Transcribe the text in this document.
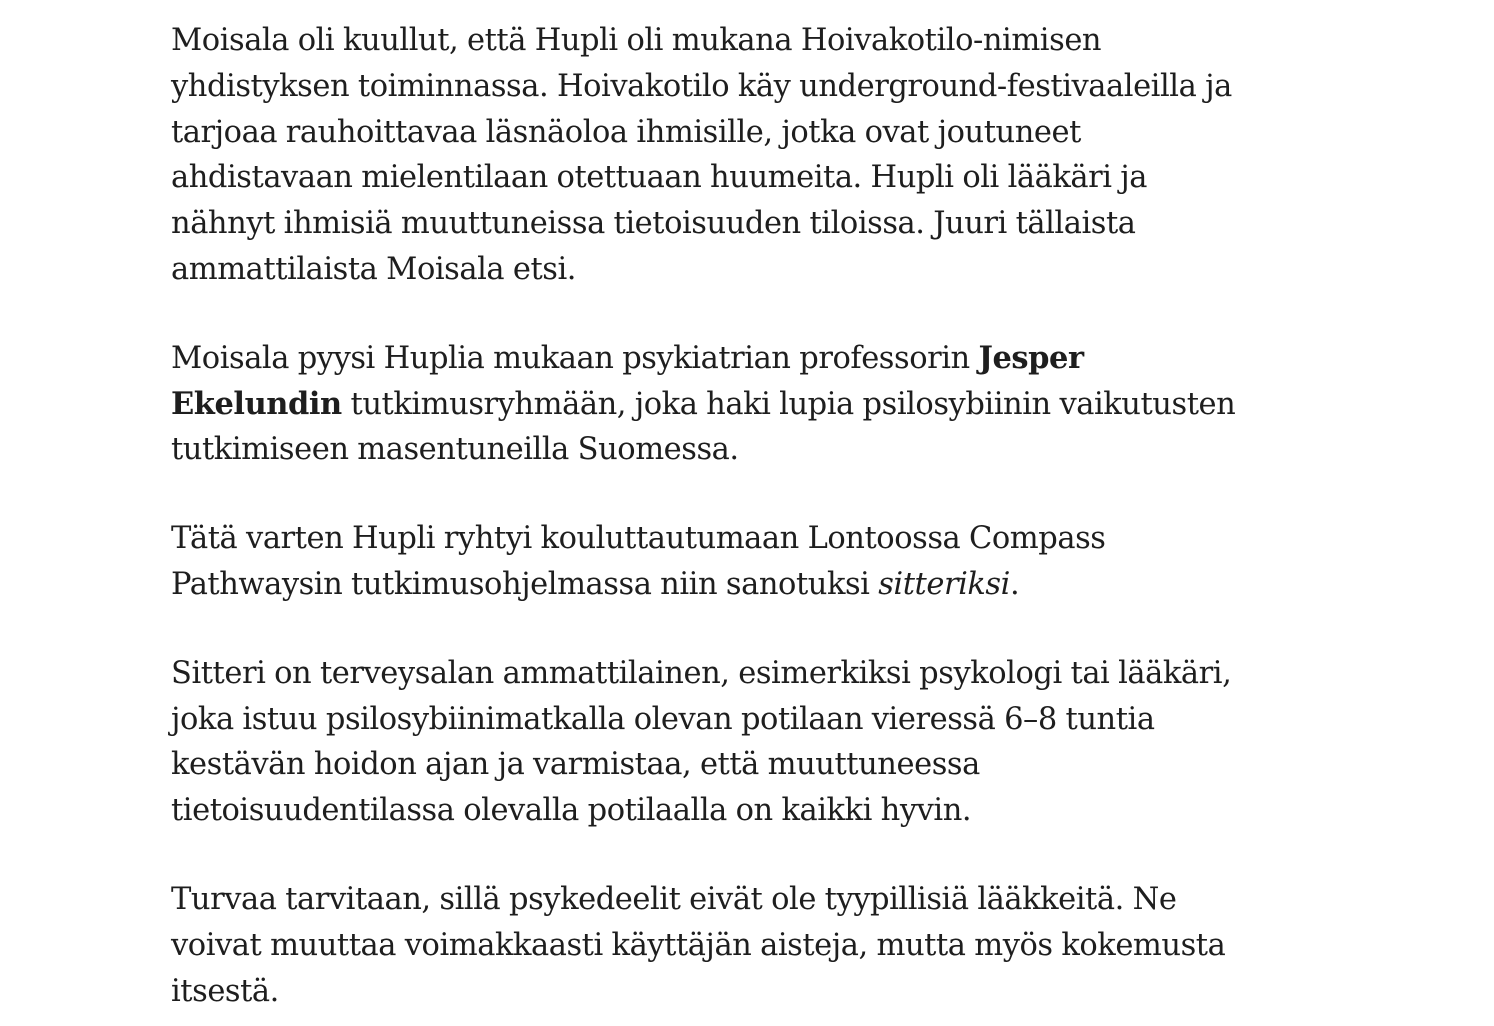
Moisala oli kuullut, että Hupli oli mukana Hoivakotilo-nimisen
yhdistyksen toiminnassa. Hoivakotilo käy underground-festivaaleilla ja
tarjoaa rauhoittavaa läsnäoloa ihmisille, jotka ovat joutuneet
ahdistavaan mielentilaan otettuaan huumeita. Hupli oli lääkäri ja
nähnyt ihmisiä muuttuneissa tietoisuuden tiloissa. Juuri tällaista
ammattilaista Moisala etsi.

Moisala pyysi Huplia mukaan psykiatrian professorin Jesper
Ekelundin tutkimusryhmään, joka haki lupia psilosybiinin vaikutusten
tutkimiseen masentuneilla Suomessa.

Tätä varten Hupli ryhtyi kouluttautumaan Lontoossa Compass
Pathwaysin tutkimusohjelmassa niin sanotuksi sitteriksi.

Sitteri on terveysalan ammattilainen, esimerkiksi psykologi tai lääkäri,
joka istuu psilosybiinimatkalla olevan potilaan vieressä 6–8 tuntia
kestävän hoidon ajan ja varmistaa, että muuttuneessa
tietoisuudentilassa olevalla potilaalla on kaikki hyvin.

Turvaa tarvitaan, sillä psykedeelit eivät ole tyypillisiä lääkkeitä. Ne
voivat muuttaa voimakkaasti käyttäjän aisteja, mutta myös kokemusta
itsestä.
